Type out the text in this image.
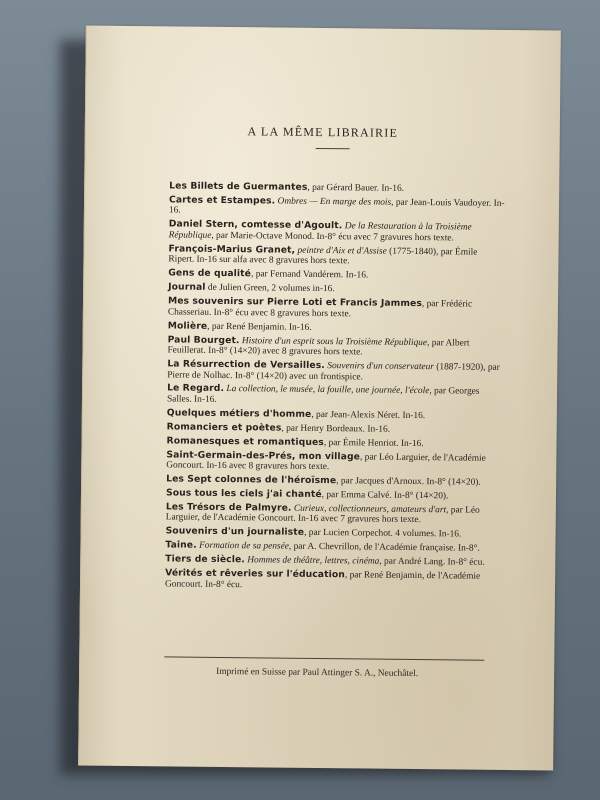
A LA MÊME LIBRAIRIE
Les Billets de Guermantes, par Gérard Bauer. In-16.
Cartes et Estampes. Ombres — En marge des mois, par Jean-Louis Vaudoyer. In-16.
Daniel Stern, comtesse d'Agoult. De la Restauration à la Troisième République, par Marie-Octave Monod. In-8° écu avec 7 gravures hors texte.
François-Marius Granet, peintre d'Aix et d'Assise (1775-1840), par Émile Ripert. In-16 sur alfa avec 8 gravures hors texte.
Gens de qualité, par Fernand Vandérem. In-16.
Journal de Julien Green, 2 volumes in-16.
Mes souvenirs sur Pierre Loti et Francis Jammes, par Frédéric Chasseriau. In-8° écu avec 8 gravures hors texte.
Molière, par René Benjamin. In-16.
Paul Bourget. Histoire d'un esprit sous la Troisième République, par Albert Feuillerat. In-8° (14×20) avec 8 gravures hors texte.
La Résurrection de Versailles. Souvenirs d'un conservateur (1887-1920), par Pierre de Nolhac. In-8° (14×20) avec un frontispice.
Le Regard. La collection, le musée, la fouille, une journée, l'école, par Georges Salles. In-16.
Quelques métiers d'homme, par Jean-Alexis Néret. In-16.
Romanciers et poètes, par Henry Bordeaux. In-16.
Romanesques et romantiques, par Émile Henriot. In-16.
Saint-Germain-des-Prés, mon village, par Léo Larguier, de l'Académie Goncourt. In-16 avec 8 gravures hors texte.
Les Sept colonnes de l'héroïsme, par Jacques d'Arnoux. In-8° (14×20).
Sous tous les ciels j'ai chanté, par Emma Calvé. In-8° (14×20).
Les Trésors de Palmyre. Curieux, collectionneurs, amateurs d'art, par Léo Larguier, de l'Académie Goncourt. In-16 avec 7 gravures hors texte.
Souvenirs d'un journaliste, par Lucien Corpechot. 4 volumes. In-16.
Taine. Formation de sa pensée, par A. Chevrillon, de l'Académie française. In-8°.
Tiers de siècle. Hommes de théâtre, lettres, cinéma, par André Lang. In-8° écu.
Vérités et rêveries sur l'éducation, par René Benjamin, de l'Académie Goncourt. In-8° écu.
Imprimé en Suisse par Paul Attinger S. A., Neuchâtel.
